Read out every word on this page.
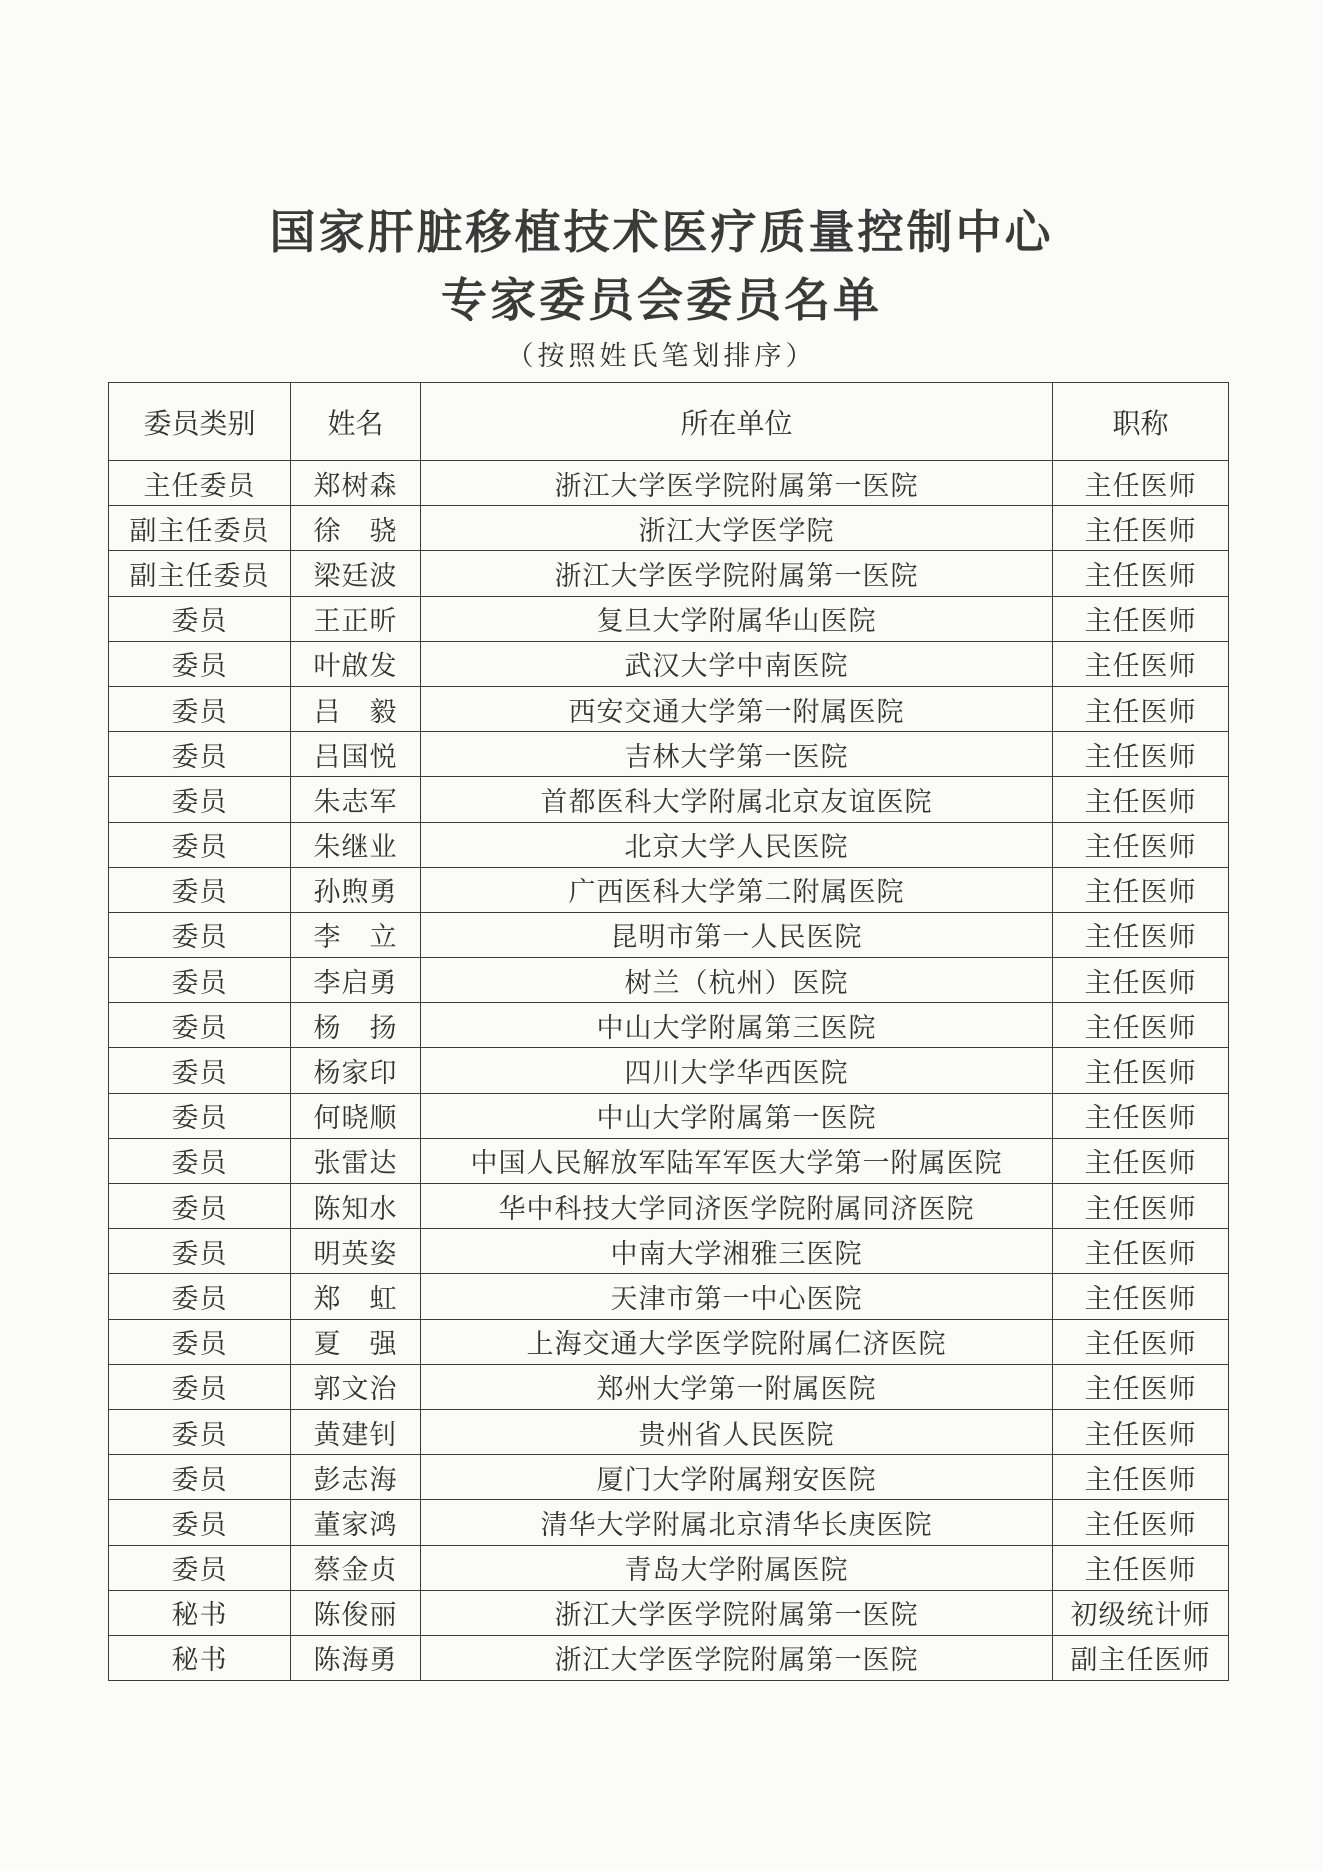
国家肝脏移植技术医疗质量控制中心
专家委员会委员名单
（按照姓氏笔划排序）
委员类别	姓名	所在单位	职称
主任委员	郑树森	浙江大学医学院附属第一医院	主任医师
副主任委员	徐　骁	浙江大学医学院	主任医师
副主任委员	梁廷波	浙江大学医学院附属第一医院	主任医师
委员	王正昕	复旦大学附属华山医院	主任医师
委员	叶啟发	武汉大学中南医院	主任医师
委员	吕　毅	西安交通大学第一附属医院	主任医师
委员	吕国悦	吉林大学第一医院	主任医师
委员	朱志军	首都医科大学附属北京友谊医院	主任医师
委员	朱继业	北京大学人民医院	主任医师
委员	孙煦勇	广西医科大学第二附属医院	主任医师
委员	李　立	昆明市第一人民医院	主任医师
委员	李启勇	树兰（杭州）医院	主任医师
委员	杨　扬	中山大学附属第三医院	主任医师
委员	杨家印	四川大学华西医院	主任医师
委员	何晓顺	中山大学附属第一医院	主任医师
委员	张雷达	中国人民解放军陆军军医大学第一附属医院	主任医师
委员	陈知水	华中科技大学同济医学院附属同济医院	主任医师
委员	明英姿	中南大学湘雅三医院	主任医师
委员	郑　虹	天津市第一中心医院	主任医师
委员	夏　强	上海交通大学医学院附属仁济医院	主任医师
委员	郭文治	郑州大学第一附属医院	主任医师
委员	黄建钊	贵州省人民医院	主任医师
委员	彭志海	厦门大学附属翔安医院	主任医师
委员	董家鸿	清华大学附属北京清华长庚医院	主任医师
委员	蔡金贞	青岛大学附属医院	主任医师
秘书	陈俊丽	浙江大学医学院附属第一医院	初级统计师
秘书	陈海勇	浙江大学医学院附属第一医院	副主任医师
